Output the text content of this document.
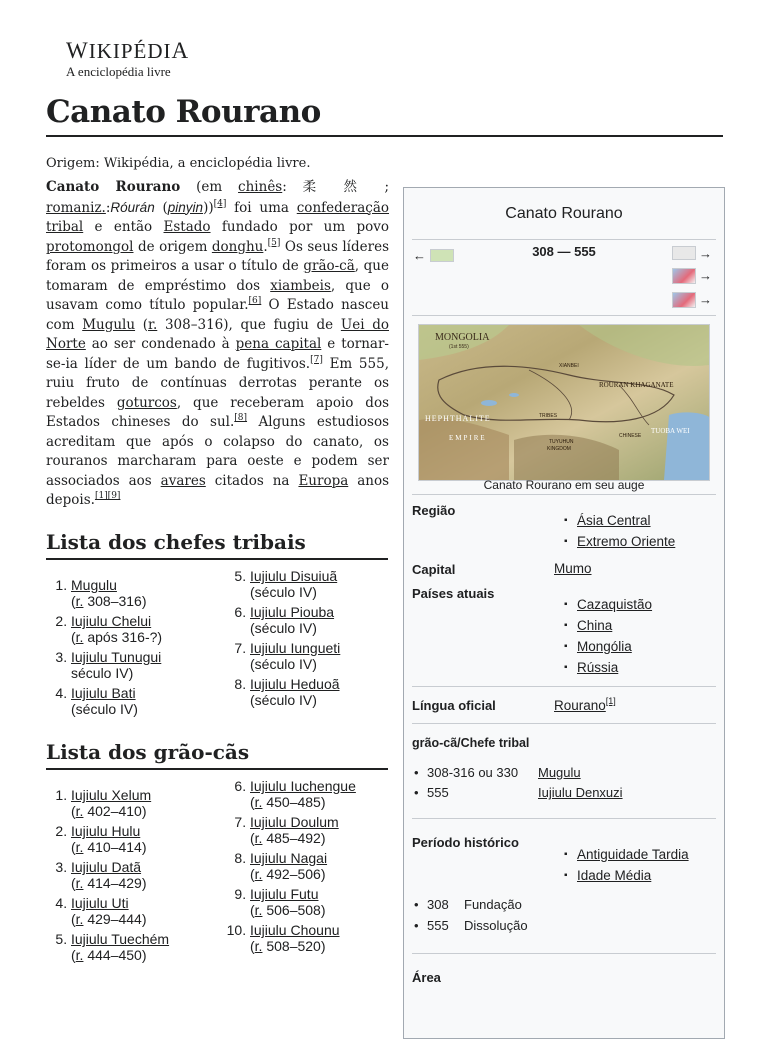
WIKIPÉDIA
A enciclopédia livre
Canato Rourano
Origem: Wikipédia, a enciclopédia livre.

Canato Rourano (em chinês: 柔 然 ; romaniz.:Róurán (pinyin))[4] foi uma confederação tribal e então Estado fundado por um povo protomongol de origem donghu.[5] Os seus líderes foram os primeiros a usar o título de grão-cã, que tomaram de empréstimo dos xiambeis, que o usavam como título popular.[6] O Estado nasceu com Mugulu (r. 308–316), que fugiu de Uei do Norte ao ser condenado à pena capital e tornar-se-ia líder de um bando de fugitivos.[7] Em 555, ruiu fruto de contínuas derrotas perante os rebeldes goturcos, que receberam apoio dos Estados chineses do sul.[8] Alguns estudiosos acreditam que após o colapso do canato, os rouranos marcharam para oeste e podem ser associados aos avares citados na Europa anos depois.[1][9]

Lista dos chefes tribais
1. Mugulu
(r. 308–316)
2. Iujiulu Chelui
(r. após 316-?)
3. Iujiulu Tunugui
século IV)
4. Iujiulu Bati
(século IV)
5. Iujiulu Disuiuã
(século IV)
6. Iujiulu Piouba
(século IV)
7. Iujiulu Iungueti
(século IV)
8. Iujiulu Heduoã
(século IV)
Lista dos grão-cãs
1. Iujiulu Xelum
(r. 402–410)
2. Iujiulu Hulu
(r. 410–414)
3. Iujiulu Datã
(r. 414–429)
4. Iujiulu Uti
(r. 429–444)
5. Iujiulu Tuechém
(r. 444–450)
6. Iujiulu Iuchengue
(r. 450–485)
7. Iujiulu Doulum
(r. 485–492)
8. Iujiulu Nagai
(r. 492–506)
9. Iujiulu Futu
(r. 506–508)
10. Iujiulu Chounu
(r. 508–520)
Canato Rourano
←	308 — 555	→
→
→
MONGOLIA
(1st 555)
HEPHTHALITE
EMPIRE
ROURAN KHAGANATE
TUOBA WEI
XIANBEI
TRIBES
TUYUHUN
KINGDOM
CHINESE
Canato Rourano em seu auge
Região
▪ Ásia Central
▪ Extremo Oriente
Capital	Mumo
Países atuais
▪ Cazaquistão
▪ China
▪ Mongólia
▪ Rússia
Língua oficial	Rourano[1]
grão-cã/Chefe tribal
• 308-316 ou 330 Mugulu
• 555	Iujiulu Denxuzi
Período histórico
▪ Antiguidade Tardia
▪ Idade Média
• 308 Fundação
• 555 Dissolução
Área
